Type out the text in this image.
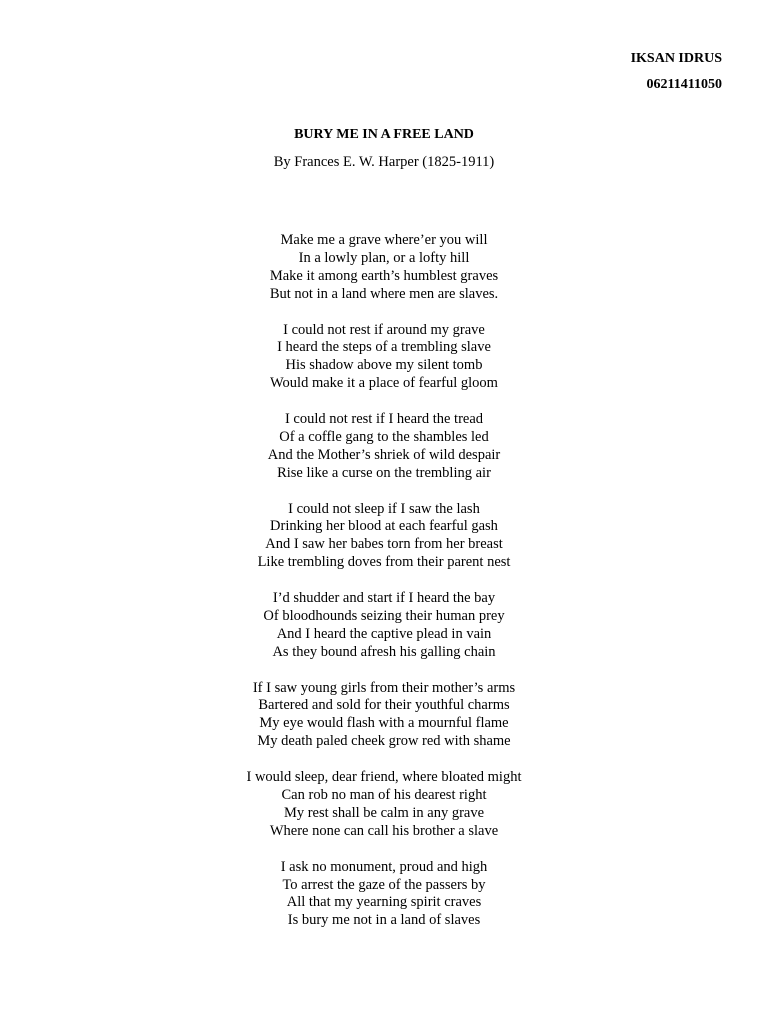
IKSAN IDRUS
06211411050
BURY ME IN A FREE LAND
By Frances E. W. Harper (1825-1911)
Make me a grave where’er you will
In a lowly plan, or a lofty hill
Make it among earth’s humblest graves
But not in a land where men are slaves.
I could not rest if around my grave
I heard the steps of a trembling slave
His shadow above my silent tomb
Would make it a place of fearful gloom
I could not rest if I heard the tread
Of a coffle gang to the shambles led
And the Mother’s shriek of wild despair
Rise like a curse on the trembling air
I could not sleep if I saw the lash
Drinking her blood at each fearful gash
And I saw her babes torn from her breast
Like trembling doves from their parent nest
I’d shudder and start if I heard the bay
Of bloodhounds seizing their human prey
And I heard the captive plead in vain
As they bound afresh his galling chain
If I saw young girls from their mother’s arms
Bartered and sold for their youthful charms
My eye would flash with a mournful flame
My death paled cheek grow red with shame
I would sleep, dear friend, where bloated might
Can rob no man of his dearest right
My rest shall be calm in any grave
Where none can call his brother a slave
I ask no monument, proud and high
To arrest the gaze of the passers by
All that my yearning spirit craves
Is bury me not in a land of slaves
